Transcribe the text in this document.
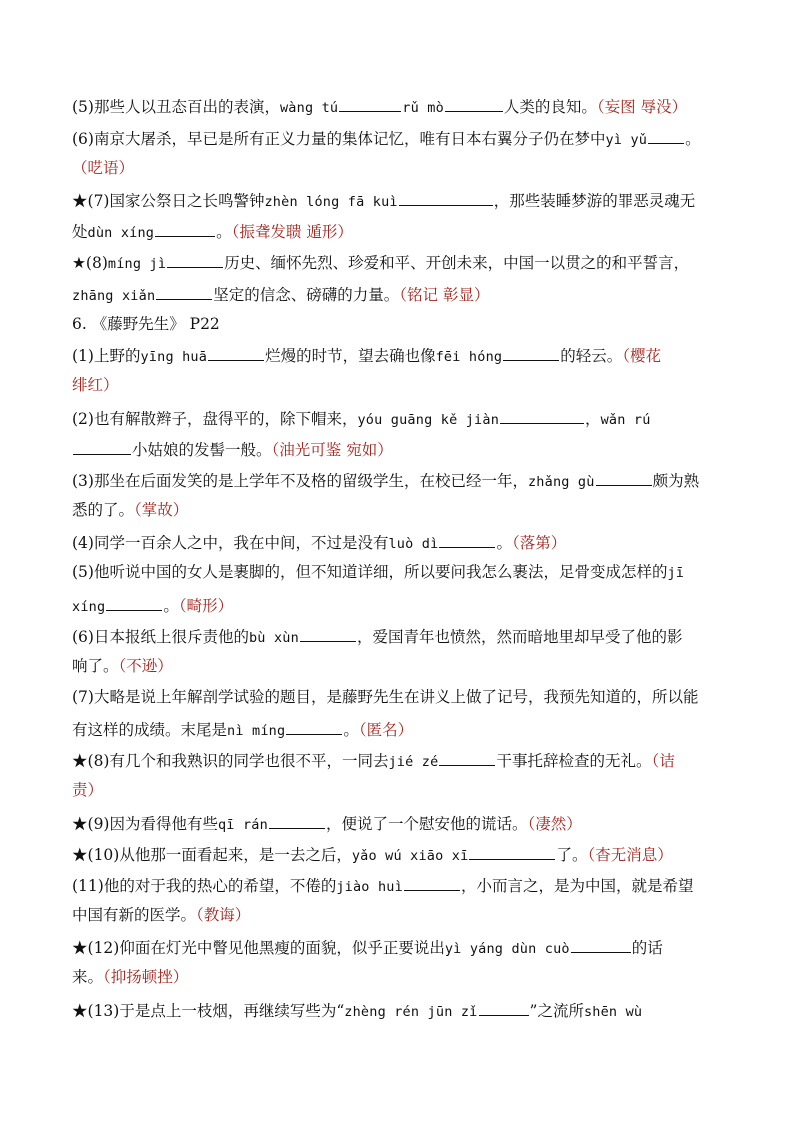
(5)那些人以丑态百出的表演，wàng tú	rǔ mò	人类的良知。（妄图 辱没）
(6)南京大屠杀，早已是所有正义力量的集体记忆，唯有日本右翼分子仍在梦中yì yǔ 。
（呓语）
★(7)国家公祭日之长鸣警钟zhèn lóng fā kuì	，那些装睡梦游的罪恶灵魂无
处dùn xíng	。（振聋发聩 遁形）
★(8)míng jì	历史、缅怀先烈、珍爱和平、开创未来，中国一以贯之的和平誓言，
zhāng xiǎn	坚定的信念、磅礴的力量。（铭记 彰显）
6. 《藤野先生》 P22
(1)上野的yīng huā	烂熳的时节，望去确也像fēi hóng	的轻云。（樱花
绯红）
(2)也有解散辫子，盘得平的，除下帽来，yóu guāng kě jiàn	，wǎn rú
小姑娘的发髻一般。（油光可鉴 宛如）
(3)那坐在后面发笑的是上学年不及格的留级学生，在校已经一年，zhǎng gù	颇为熟
悉的了。（掌故）
(4)同学一百余人之中，我在中间，不过是没有luò dì	。（落第）
(5)他听说中国的女人是裹脚的，但不知道详细，所以要问我怎么裹法，足骨变成怎样的jī
xíng	。（畸形）
(6)日本报纸上很斥责他的bù xùn	，爱国青年也愤然，然而暗地里却早受了他的影
响了。（不逊）
(7)大略是说上年解剖学试验的题目，是藤野先生在讲义上做了记号，我预先知道的，所以能
有这样的成绩。末尾是nì míng	。（匿名）
★(8)有几个和我熟识的同学也很不平，一同去jié zé	干事托辞检查的无礼。（诘
责）
★(9)因为看得他有些qī rán	，便说了一个慰安他的谎话。（凄然）
★(10)从他那一面看起来，是一去之后，yǎo wú xiāo xī	了。（杳无消息）
(11)他的对于我的热心的希望，不倦的jiào huì	，小而言之，是为中国，就是希望
中国有新的医学。（教诲）
★(12)仰面在灯光中瞥见他黑瘦的面貌，似乎正要说出yì yáng dùn cuò	的话
来。（抑扬顿挫）
★(13)于是点上一枝烟，再继续写些为“zhèng rén jūn zǐ	”之流所shēn wù
